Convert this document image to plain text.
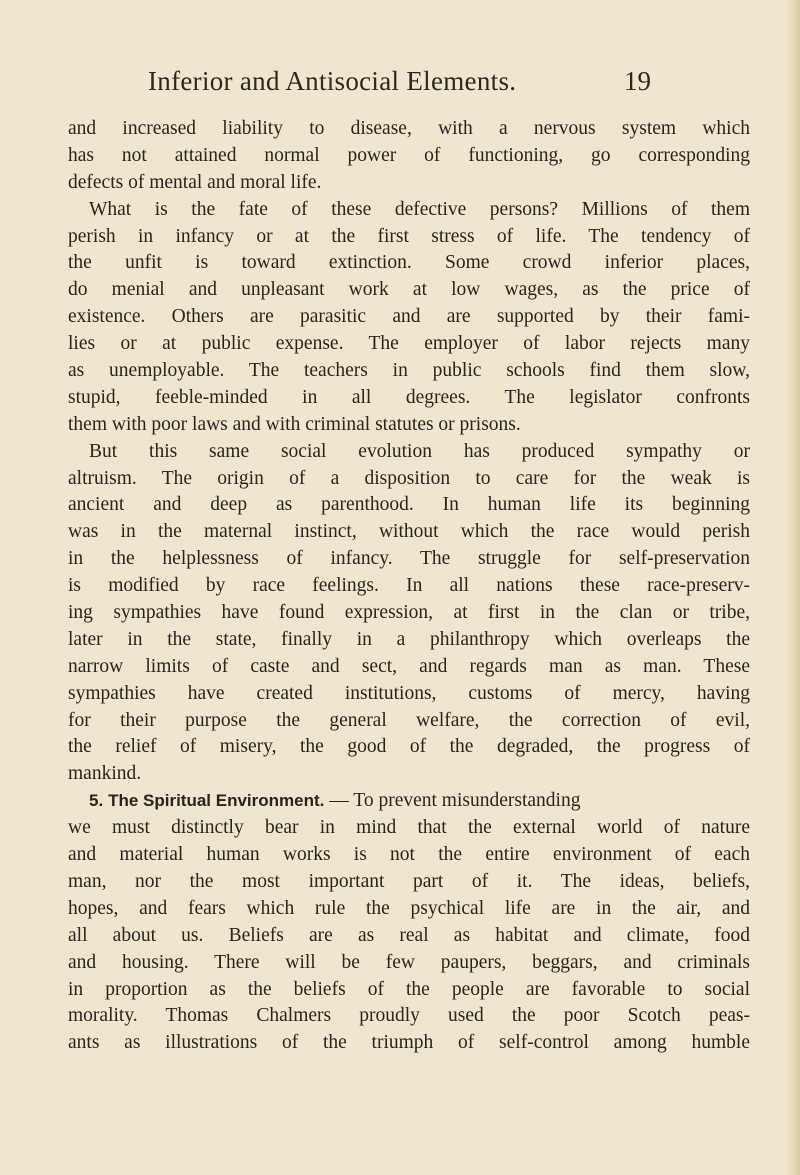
Inferior and Antisocial Elements.	19
and increased liability to disease, with a nervous system which
has not attained normal power of functioning, go corresponding
defects of mental and moral life.
What is the fate of these defective persons? Millions of them
perish in infancy or at the first stress of life. The tendency of
the unfit is toward extinction. Some crowd inferior places,
do menial and unpleasant work at low wages, as the price of
existence. Others are parasitic and are supported by their fami-
lies or at public expense. The employer of labor rejects many
as unemployable. The teachers in public schools find them slow,
stupid, feeble-minded in all degrees. The legislator confronts
them with poor laws and with criminal statutes or prisons.
But this same social evolution has produced sympathy or
altruism. The origin of a disposition to care for the weak is
ancient and deep as parenthood. In human life its beginning
was in the maternal instinct, without which the race would perish
in the helplessness of infancy. The struggle for self-preservation
is modified by race feelings. In all nations these race-preserv-
ing sympathies have found expression, at first in the clan or tribe,
later in the state, finally in a philanthropy which overleaps the
narrow limits of caste and sect, and regards man as man. These
sympathies have created institutions, customs of mercy, having
for their purpose the general welfare, the correction of evil,
the relief of misery, the good of the degraded, the progress of
mankind.
5. The Spiritual Environment. — To prevent misunderstanding
we must distinctly bear in mind that the external world of nature
and material human works is not the entire environment of each
man, nor the most important part of it. The ideas, beliefs,
hopes, and fears which rule the psychical life are in the air, and
all about us. Beliefs are as real as habitat and climate, food
and housing. There will be few paupers, beggars, and criminals
in proportion as the beliefs of the people are favorable to social
morality. Thomas Chalmers proudly used the poor Scotch peas-
ants as illustrations of the triumph of self-control among humble
